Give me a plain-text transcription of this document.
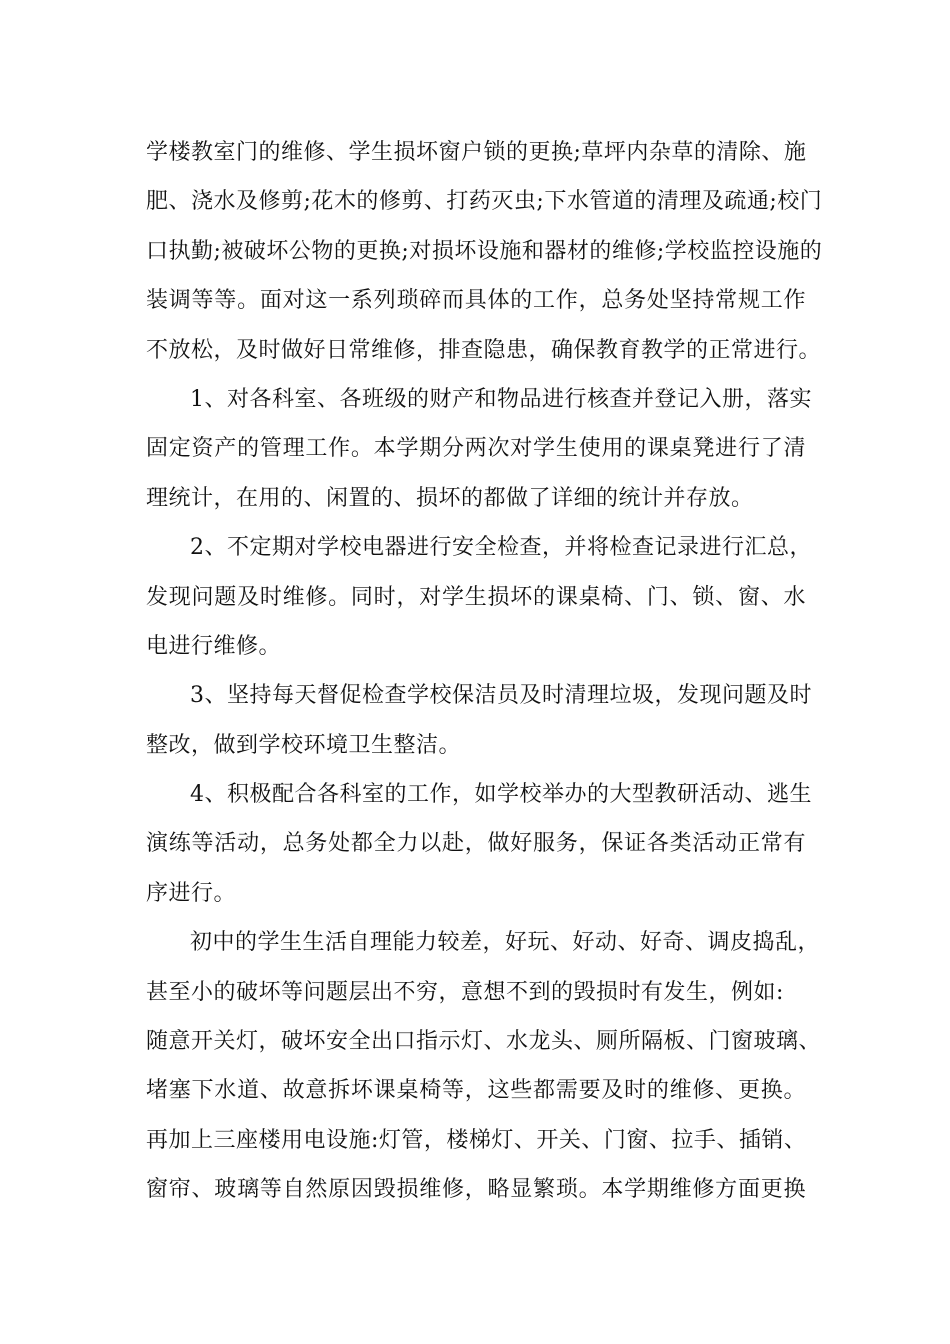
学楼教室门的维修、学生损坏窗户锁的更换;草坪内杂草的清除、施
肥、浇水及修剪;花木的修剪、打药灭虫;下水管道的清理及疏通;校门
口执勤;被破坏公物的更换;对损坏设施和器材的维修;学校监控设施的
装调等等。面对这一系列琐碎而具体的工作，总务处坚持常规工作
不放松，及时做好日常维修，排查隐患，确保教育教学的正常进行。
1、对各科室、各班级的财产和物品进行核查并登记入册，落实
固定资产的管理工作。本学期分两次对学生使用的课桌凳进行了清
理统计，在用的、闲置的、损坏的都做了详细的统计并存放。
2、不定期对学校电器进行安全检查，并将检查记录进行汇总，
发现问题及时维修。同时，对学生损坏的课桌椅、门、锁、窗、水
电进行维修。
3、坚持每天督促检查学校保洁员及时清理垃圾，发现问题及时
整改，做到学校环境卫生整洁。
4、积极配合各科室的工作，如学校举办的大型教研活动、逃生
演练等活动，总务处都全力以赴，做好服务，保证各类活动正常有
序进行。
初中的学生生活自理能力较差，好玩、好动、好奇、调皮捣乱，
甚至小的破坏等问题层出不穷，意想不到的毁损时有发生，例如:
随意开关灯，破坏安全出口指示灯、水龙头、厕所隔板、门窗玻璃、
堵塞下水道、故意拆坏课桌椅等，这些都需要及时的维修、更换。
再加上三座楼用电设施:灯管，楼梯灯、开关、门窗、拉手、插销、
窗帘、玻璃等自然原因毁损维修，略显繁琐。本学期维修方面更换
